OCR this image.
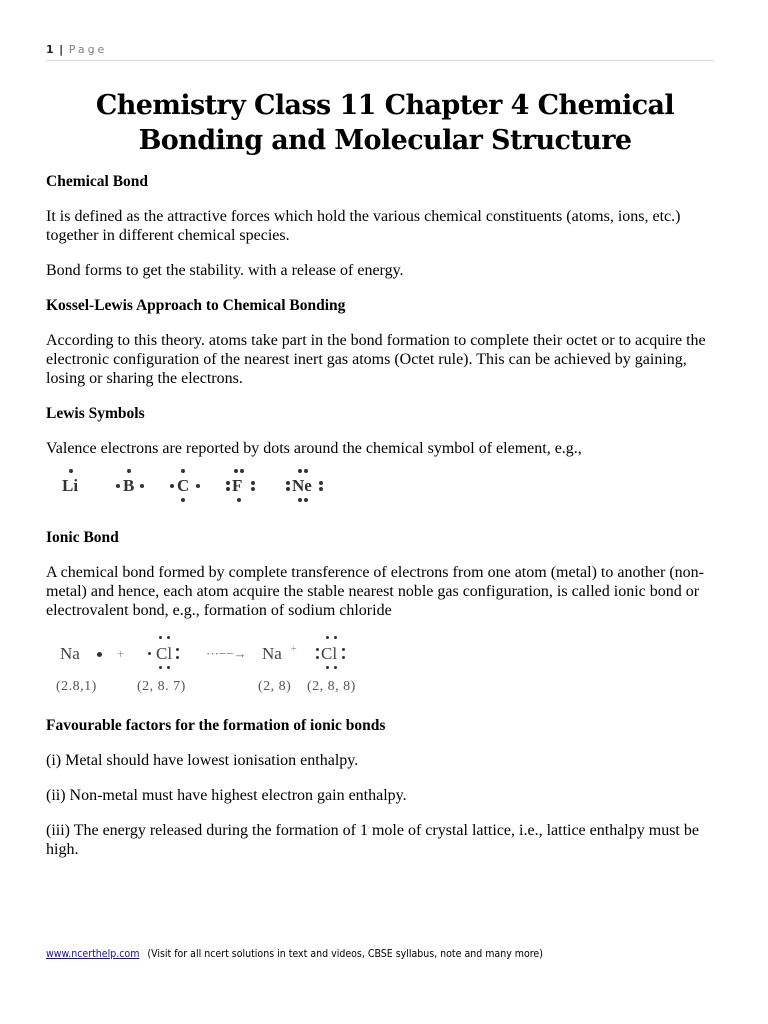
1 | Page
Chemistry Class 11 Chapter 4 Chemical
Bonding and Molecular Structure
Chemical Bond

It is defined as the attractive forces which hold the various chemical constituents (atoms, ions, etc.) together in different chemical species.

Bond forms to get the stability. with a release of energy.

Kossel-Lewis Approach to Chemical Bonding

According to this theory. atoms take part in the bond formation to complete their octet or to acquire the electronic configuration of the nearest inert gas atoms (Octet rule). This can be achieved by gaining, losing or sharing the electrons.

Lewis Symbols

Valence electrons are reported by dots around the chemical symbol of element, e.g.,

Li	B	C	F	Ne
Ionic Bond

A chemical bond formed by complete transference of electrons from one atom (metal) to another (non-metal) and hence, each atom acquire the stable nearest noble gas configuration, is called ionic bond or electrovalent bond, e.g., formation of sodium chloride

Na	+ Cl	···−−→ Na + Cl
(2.8,1)	(2, 8. 7)	(2, 8) (2, 8, 8)
Favourable factors for the formation of ionic bonds

(i) Metal should have lowest ionisation enthalpy.

(ii) Non-metal must have highest electron gain enthalpy.

(iii) The energy released during the formation of 1 mole of crystal lattice, i.e., lattice enthalpy must be high.

www.ncerthelp.com (Visit for all ncert solutions in text and videos, CBSE syllabus, note and many more)
